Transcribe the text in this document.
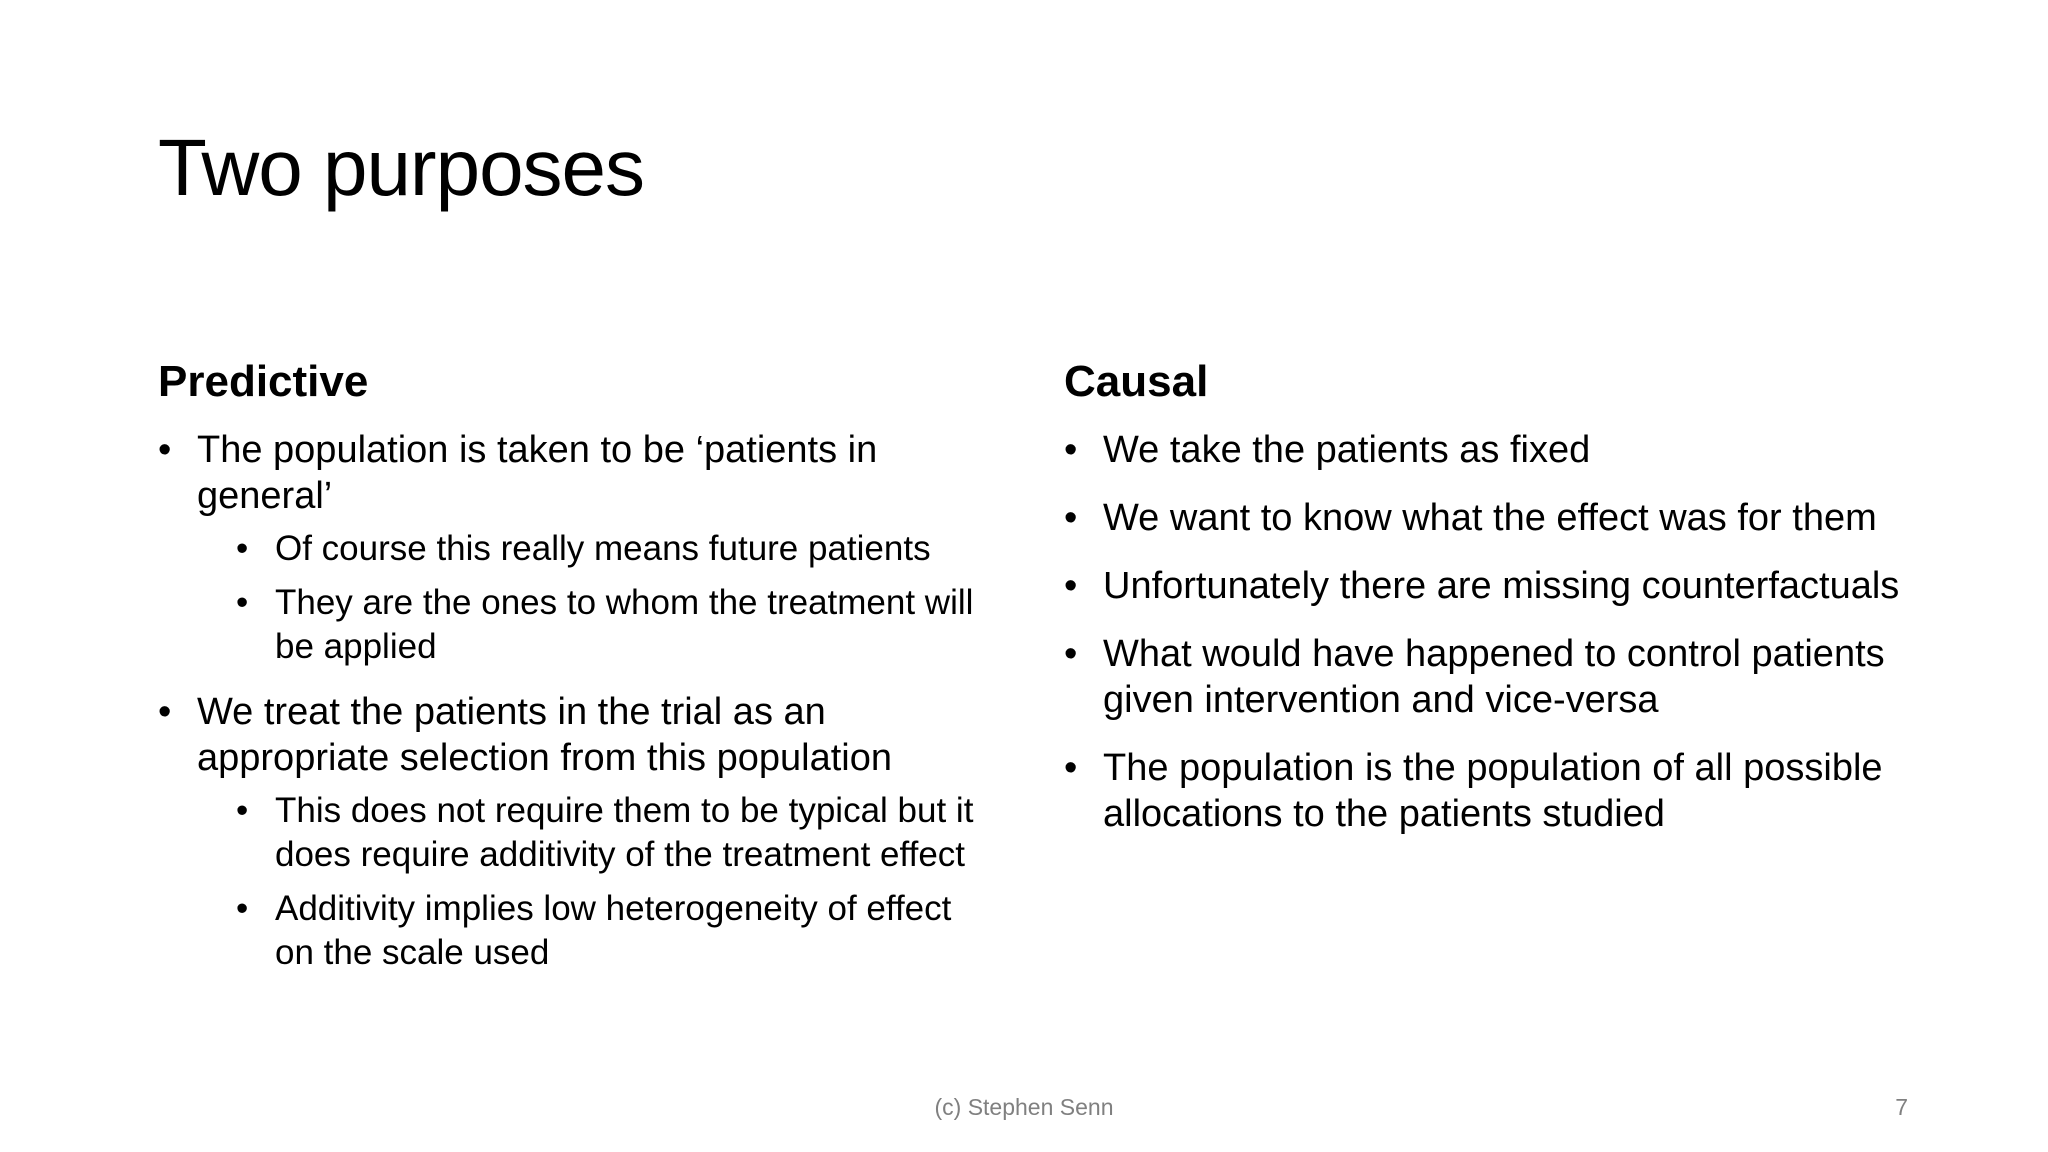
Two purposes
Predictive
• The population is taken to be ‘patients in general’
• Of course this really means future patients
• They are the ones to whom the treatment will be applied
• We treat the patients in the trial as an appropriate selection from this population
• This does not require them to be typical but it does require additivity of the treatment effect
• Additivity implies low heterogeneity of effect on the scale used
Causal
• We take the patients as fixed
• We want to know what the effect was for them
• Unfortunately there are missing counterfactuals
• What would have happened to control patients given intervention and vice-versa
• The population is the population of all possible allocations to the patients studied
(c) Stephen Senn	7
